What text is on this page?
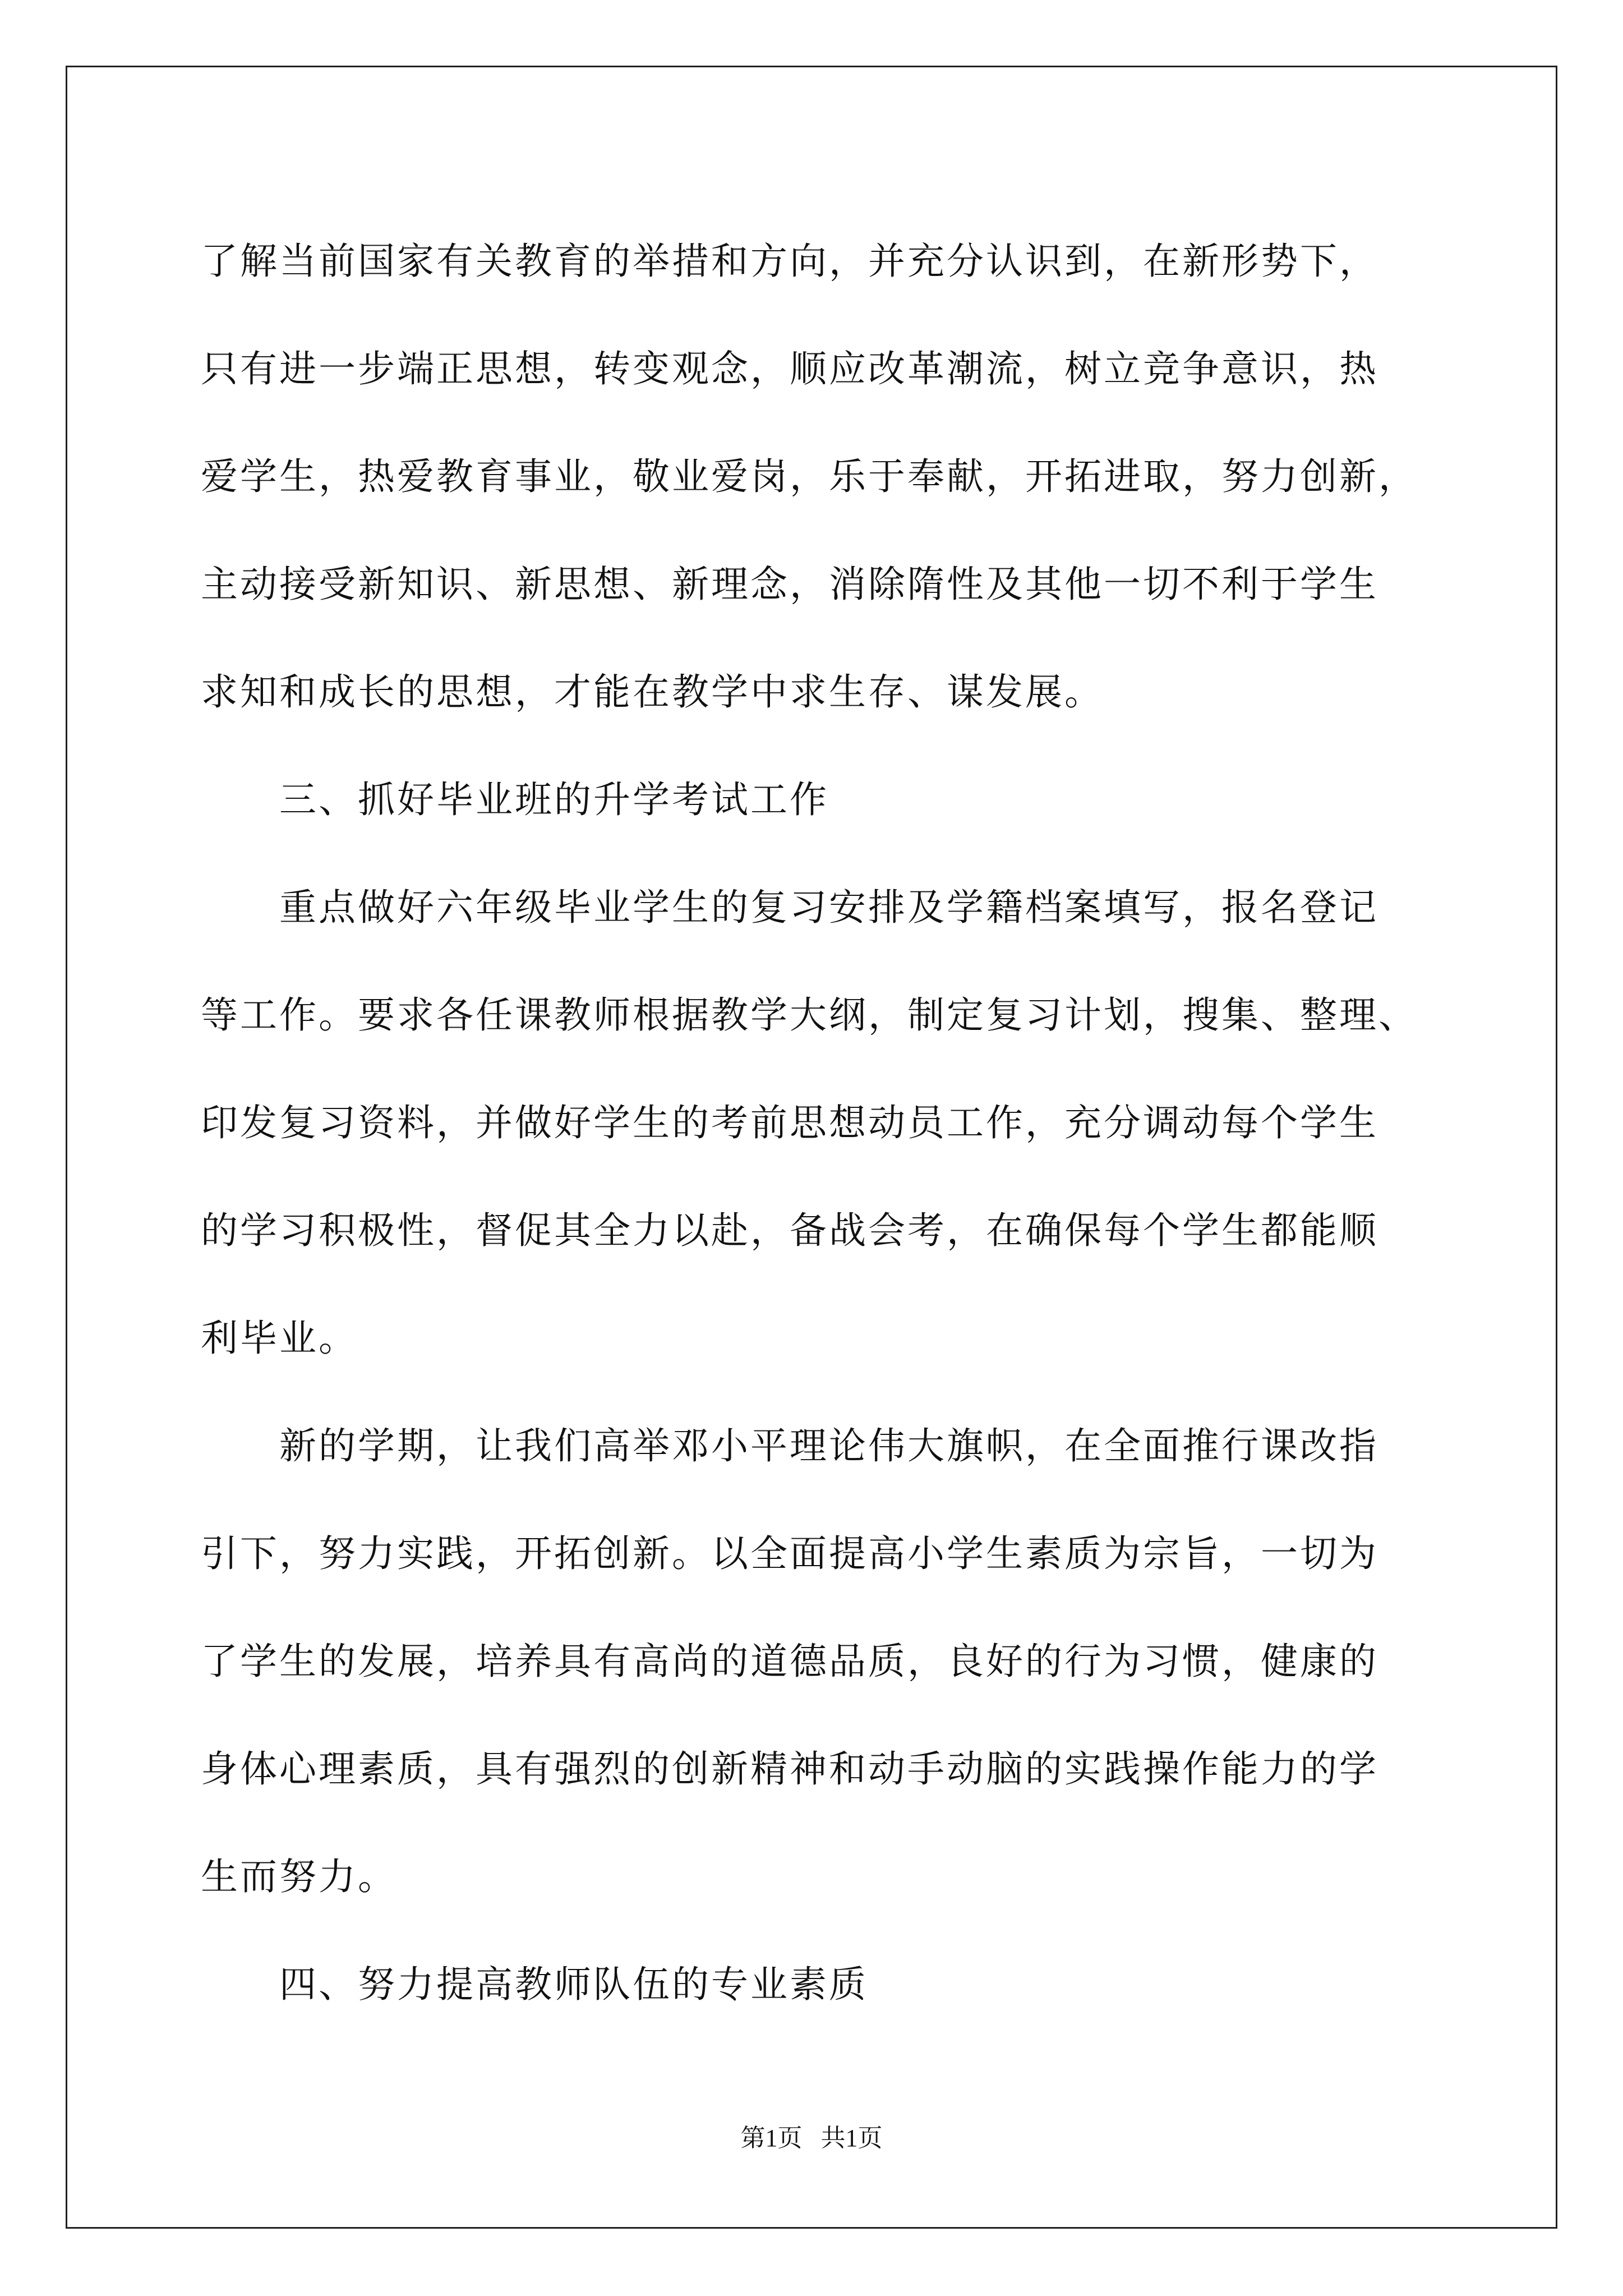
了解当前国家有关教育的举措和方向，并充分认识到，在新形势下，
只有进一步端正思想，转变观念，顺应改革潮流，树立竞争意识，热
爱学生，热爱教育事业，敬业爱岗，乐于奉献，开拓进取，努力创新，
主动接受新知识、新思想、新理念，消除隋性及其他一切不利于学生
求知和成长的思想，才能在教学中求生存、谋发展。
三、抓好毕业班的升学考试工作
重点做好六年级毕业学生的复习安排及学籍档案填写，报名登记
等工作。要求各任课教师根据教学大纲，制定复习计划，搜集、整理、
印发复习资料，并做好学生的考前思想动员工作，充分调动每个学生
的学习积极性，督促其全力以赴，备战会考，在确保每个学生都能顺
利毕业。
新的学期，让我们高举邓小平理论伟大旗帜，在全面推行课改指
引下，努力实践，开拓创新。以全面提高小学生素质为宗旨，一切为
了学生的发展，培养具有高尚的道德品质，良好的行为习惯，健康的
身体心理素质，具有强烈的创新精神和动手动脑的实践操作能力的学
生而努力。
四、努力提高教师队伍的专业素质
第1页   共1页
